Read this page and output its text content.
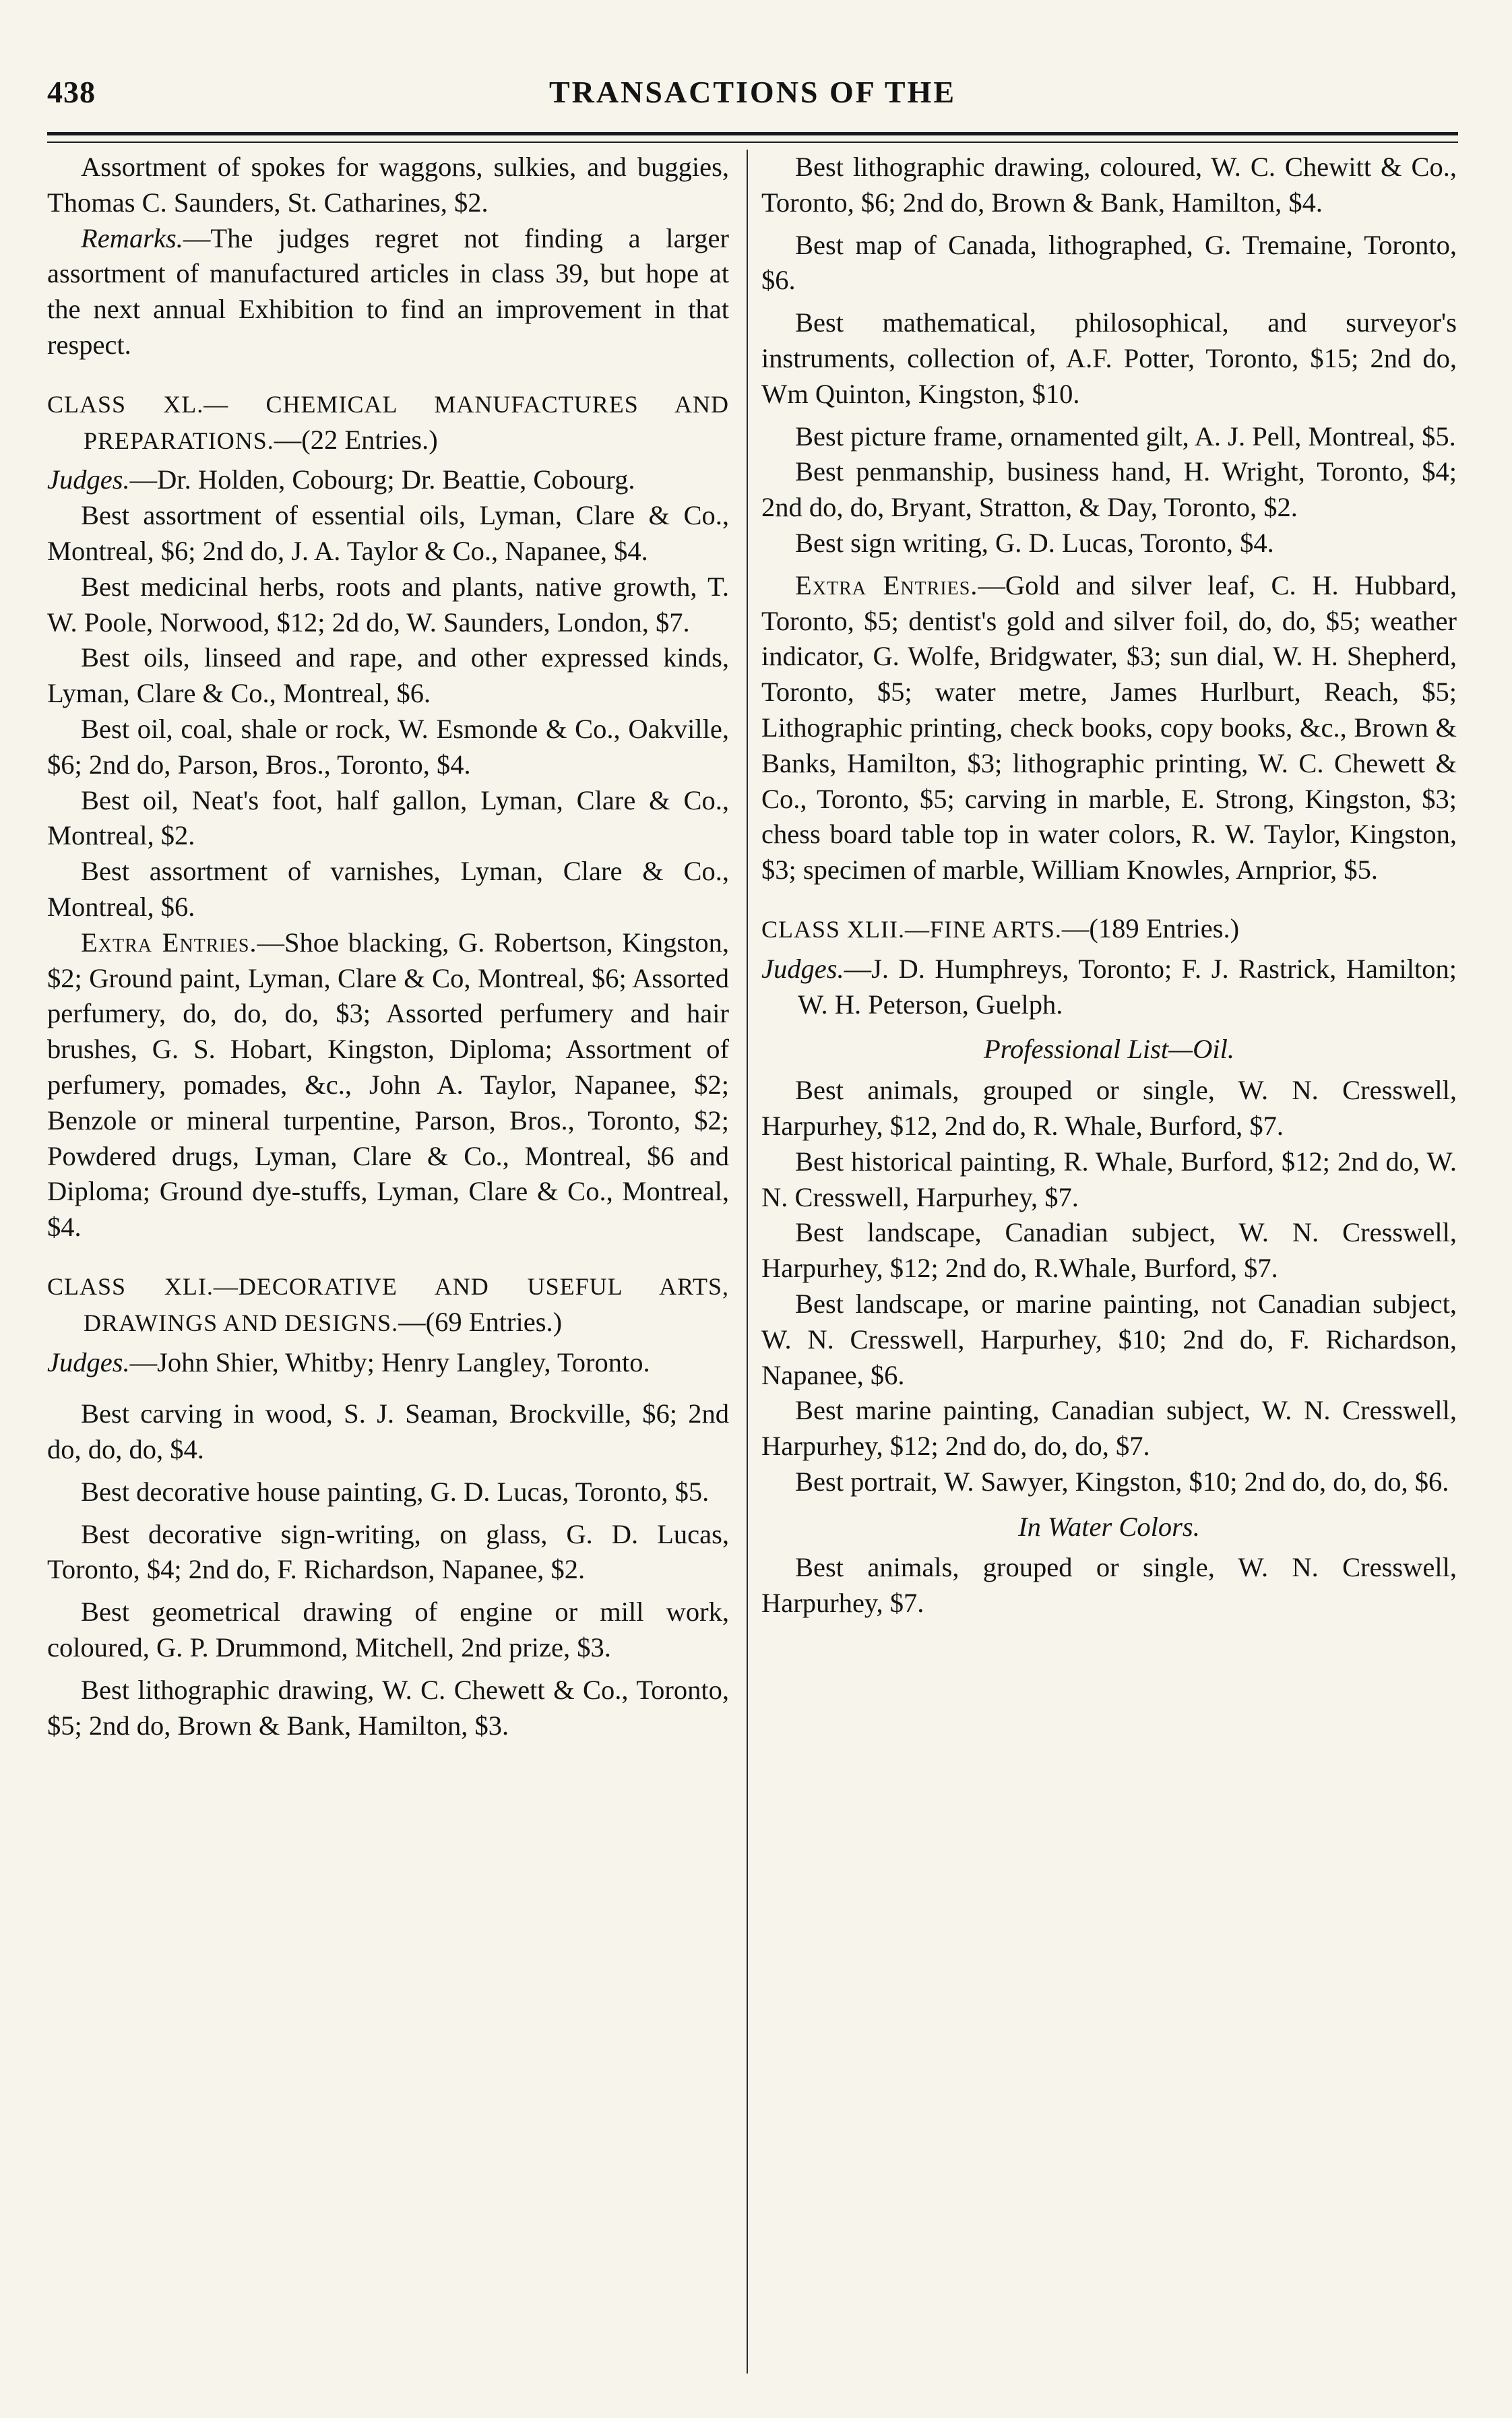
438	TRANSACTIONS OF THE

Assortment of spokes for waggons, sulkies, and buggies, Thomas C. Saunders, St. Catharines, $2.

Remarks.—The judges regret not finding a larger assortment of manufactured articles in class 39, but hope at the next annual Exhibition to find an improvement in that respect.

CLASS XL.— CHEMICAL MANUFACTURES AND PREPARATIONS.—(22 Entries.)

Judges.—Dr. Holden, Cobourg; Dr. Beattie, Cobourg.

Best assortment of essential oils, Lyman, Clare & Co., Montreal, $6; 2nd do, J. A. Taylor & Co., Napanee, $4.

Best medicinal herbs, roots and plants, native growth, T. W. Poole, Norwood, $12; 2d do, W. Saunders, London, $7.

Best oils, linseed and rape, and other expressed kinds, Lyman, Clare & Co., Montreal, $6.

Best oil, coal, shale or rock, W. Esmonde & Co., Oakville, $6; 2nd do, Parson, Bros., Toronto, $4.

Best oil, Neat's foot, half gallon, Lyman, Clare & Co., Montreal, $2.

Best assortment of varnishes, Lyman, Clare & Co., Montreal, $6.

Extra Entries.—Shoe blacking, G. Robertson, Kingston, $2; Ground paint, Lyman, Clare & Co, Montreal, $6; Assorted perfumery, do, do, do, $3; Assorted perfumery and hair brushes, G. S. Hobart, Kingston, Diploma; Assortment of perfumery, pomades, &c., John A. Taylor, Napanee, $2; Benzole or mineral turpentine, Parson, Bros., Toronto, $2; Powdered drugs, Lyman, Clare & Co., Montreal, $6 and Diploma; Ground dye-stuffs, Lyman, Clare & Co., Montreal, $4.

CLASS XLI.—DECORATIVE AND USEFUL ARTS, DRAWINGS AND DESIGNS.—(69 Entries.)

Judges.—John Shier, Whitby; Henry Langley, Toronto.

Best carving in wood, S. J. Seaman, Brockville, $6; 2nd do, do, do, $4.

Best decorative house painting, G. D. Lucas, Toronto, $5.

Best decorative sign-writing, on glass, G. D. Lucas, Toronto, $4; 2nd do, F. Richardson, Napanee, $2.

Best geometrical drawing of engine or mill work, coloured, G. P. Drummond, Mitchell, 2nd prize, $3.

Best lithographic drawing, W. C. Chewett & Co., Toronto, $5; 2nd do, Brown & Bank, Hamilton, $3.

Best lithographic drawing, coloured, W. C. Chewitt & Co., Toronto, $6; 2nd do, Brown & Bank, Hamilton, $4.

Best map of Canada, lithographed, G. Tremaine, Toronto, $6.

Best mathematical, philosophical, and surveyor's instruments, collection of, A.F. Potter, Toronto, $15; 2nd do, Wm Quinton, Kingston, $10.

Best picture frame, ornamented gilt, A. J. Pell, Montreal, $5.

Best penmanship, business hand, H. Wright, Toronto, $4; 2nd do, do, Bryant, Stratton, & Day, Toronto, $2.

Best sign writing, G. D. Lucas, Toronto, $4.

Extra Entries.—Gold and silver leaf, C. H. Hubbard, Toronto, $5; dentist's gold and silver foil, do, do, $5; weather indicator, G. Wolfe, Bridgwater, $3; sun dial, W. H. Shepherd, Toronto, $5; water metre, James Hurlburt, Reach, $5; Lithographic printing, check books, copy books, &c., Brown & Banks, Hamilton, $3; lithographic printing, W. C. Chewett & Co., Toronto, $5; carving in marble, E. Strong, Kingston, $3; chess board table top in water colors, R. W. Taylor, Kingston, $3; specimen of marble, William Knowles, Arnprior, $5.

CLASS XLII.—FINE ARTS.—(189 Entries.)

Judges.—J. D. Humphreys, Toronto; F. J. Rastrick, Hamilton; W. H. Peterson, Guelph.

Professional List—Oil.

Best animals, grouped or single, W. N. Cresswell, Harpurhey, $12, 2nd do, R. Whale, Burford, $7.

Best historical painting, R. Whale, Burford, $12; 2nd do, W. N. Cresswell, Harpurhey, $7.

Best landscape, Canadian subject, W. N. Cresswell, Harpurhey, $12; 2nd do, R.Whale, Burford, $7.

Best landscape, or marine painting, not Canadian subject, W. N. Cresswell, Harpurhey, $10; 2nd do, F. Richardson, Napanee, $6.

Best marine painting, Canadian subject, W. N. Cresswell, Harpurhey, $12; 2nd do, do, do, $7.

Best portrait, W. Sawyer, Kingston, $10; 2nd do, do, do, $6.

In Water Colors.

Best animals, grouped or single, W. N. Cresswell, Harpurhey, $7.
